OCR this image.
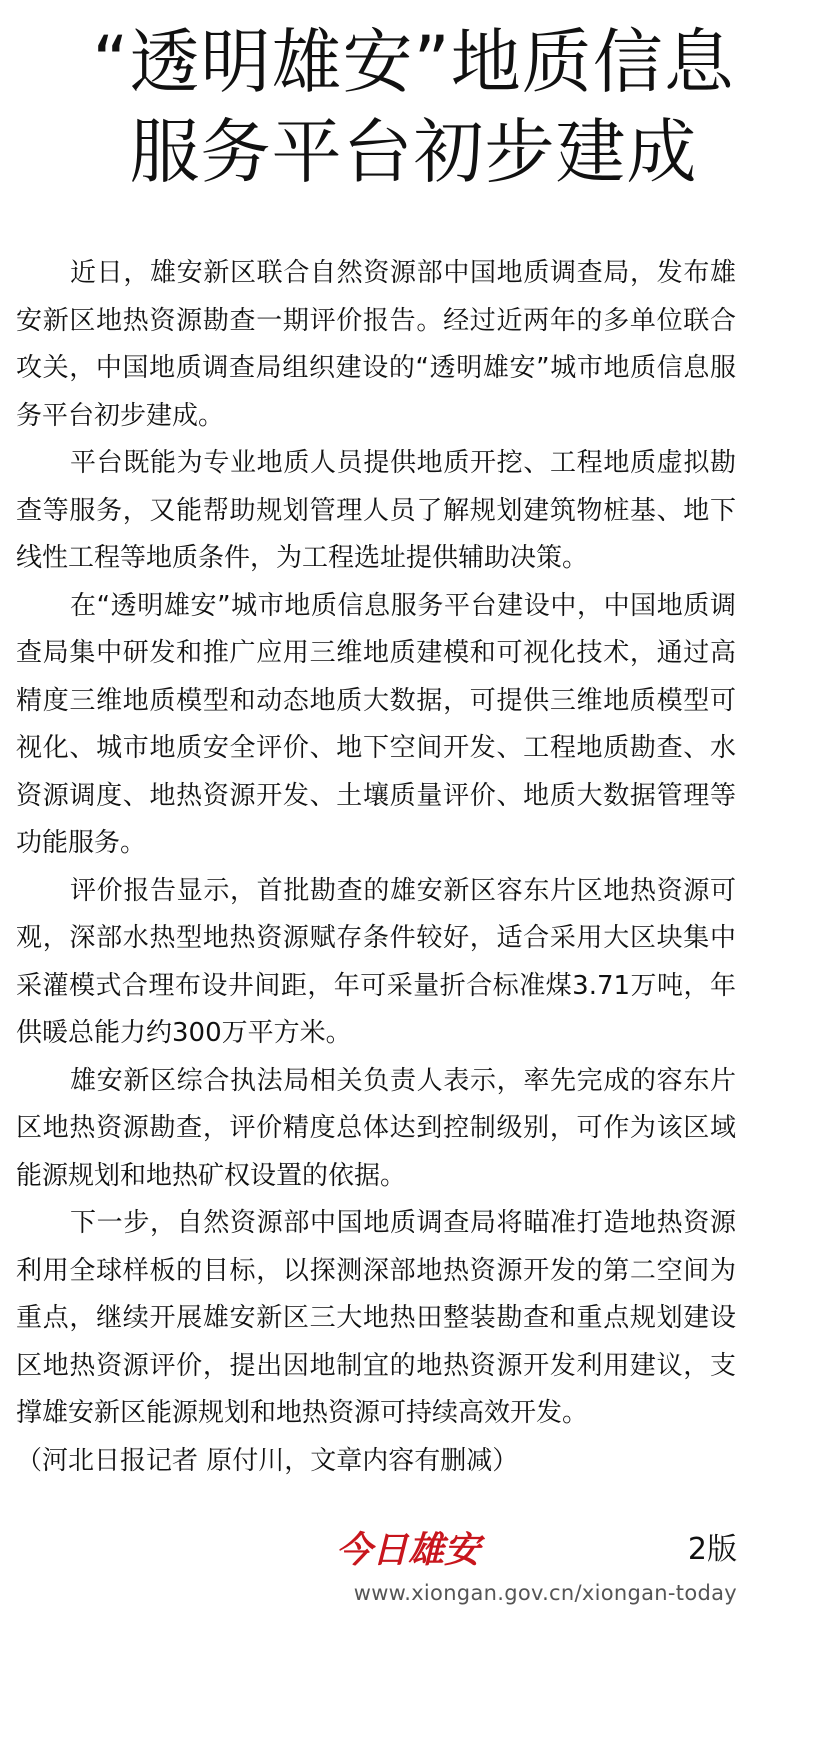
“透明雄安”地质信息
服务平台初步建成

近日，雄安新区联合自然资源部中国地质调查局，发布雄安新区地热资源勘查一期评价报告。经过近两年的多单位联合攻关，中国地质调查局组织建设的“透明雄安”城市地质信息服务平台初步建成。

平台既能为专业地质人员提供地质开挖、工程地质虚拟勘查等服务，又能帮助规划管理人员了解规划建筑物桩基、地下线性工程等地质条件，为工程选址提供辅助决策。

在“透明雄安”城市地质信息服务平台建设中，中国地质调查局集中研发和推广应用三维地质建模和可视化技术，通过高精度三维地质模型和动态地质大数据，可提供三维地质模型可视化、城市地质安全评价、地下空间开发、工程地质勘查、水资源调度、地热资源开发、土壤质量评价、地质大数据管理等功能服务。

评价报告显示，首批勘查的雄安新区容东片区地热资源可观，深部水热型地热资源赋存条件较好，适合采用大区块集中采灌模式合理布设井间距，年可采量折合标准煤3.71万吨，年供暖总能力约300万平方米。

雄安新区综合执法局相关负责人表示，率先完成的容东片区地热资源勘查，评价精度总体达到控制级别，可作为该区域能源规划和地热矿权设置的依据。

下一步，自然资源部中国地质调查局将瞄准打造地热资源利用全球样板的目标，以探测深部地热资源开发的第二空间为重点，继续开展雄安新区三大地热田整装勘查和重点规划建设区地热资源评价，提出因地制宜的地热资源开发利用建议，支撑雄安新区能源规划和地热资源可持续高效开发。

（河北日报记者 原付川，文章内容有删减）

今日雄安	2版
www.xiongan.gov.cn/xiongan-today
